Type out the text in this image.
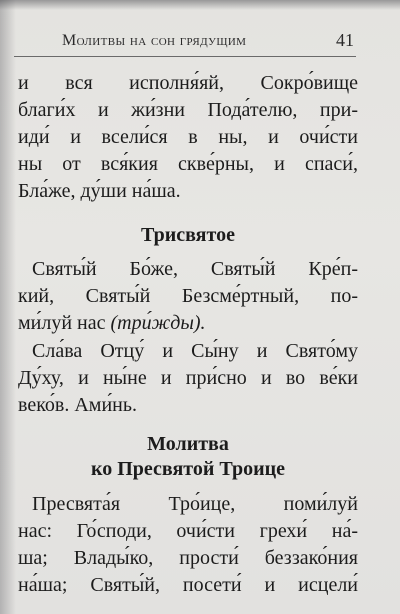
Молитвы на сон грядущим	41
и вся исполня́яй, Сокро́вище
благи́х и жи́зни Пода́телю, при-
иди́ и всели́ся в ны, и очи́сти
ны от вся́кия скве́рны, и спаси́,
Бла́же, ду́ши на́ша.
Трисвятое
Святы́й Бо́же, Святы́й Кре́п-
кий, Святы́й Безсме́ртный, по-
ми́луй нас (три́жды).
Сла́ва Отцу́ и Сы́ну и Свято́му
Ду́ху, и ны́не и при́сно и во ве́ки
веко́в. Ами́нь.
Молитва
ко Пресвятой Троице
Пресвята́я Тро́ице, поми́луй
нас: Го́споди, очи́сти грехи́ на́-
ша; Влады́ко, прости́ беззако́ния
на́ша; Святы́й, посети́ и исцели́
